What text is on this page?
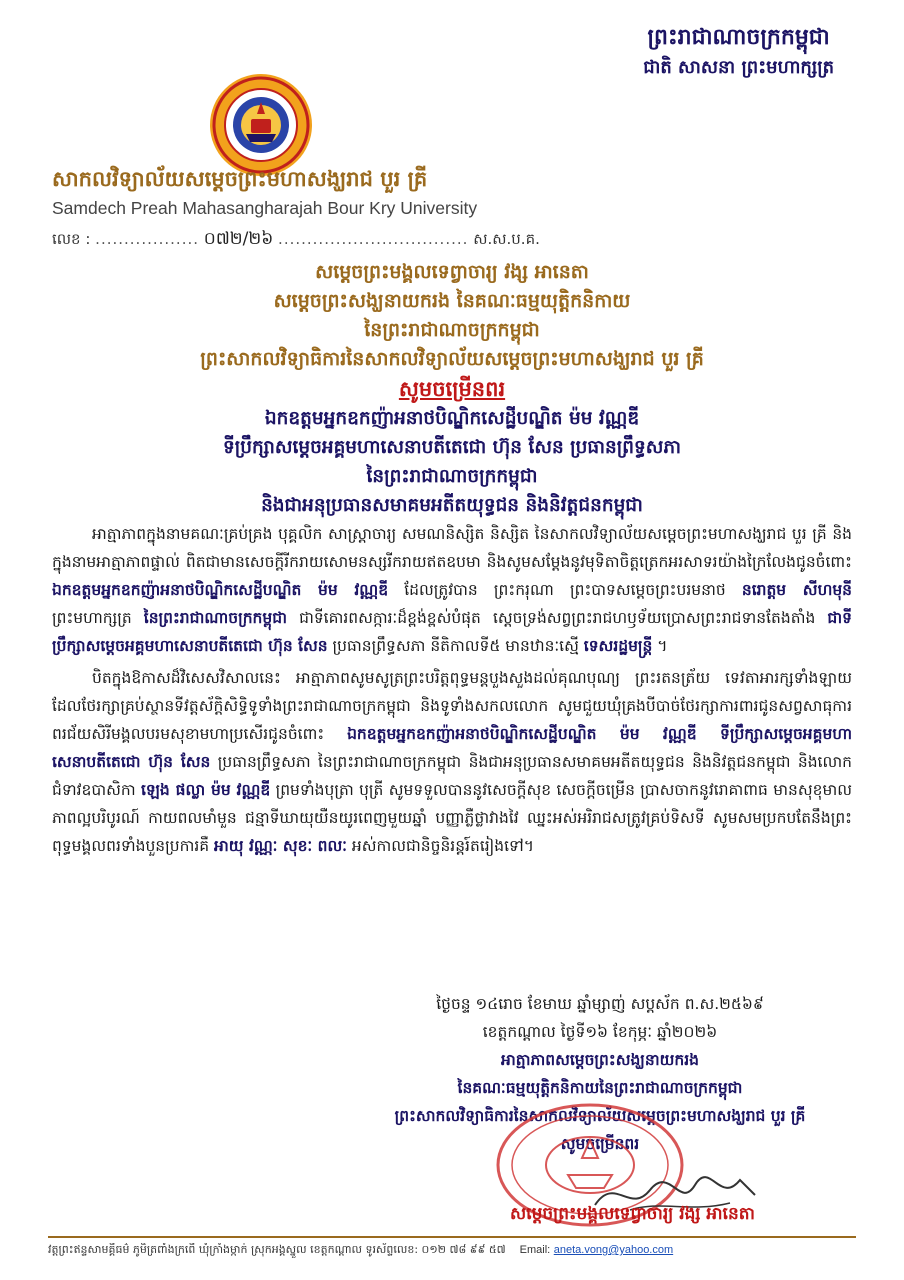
ព្រះរាជាណាចក្រកម្ពុជា
ជាតិ សាសនា ព្រះមហាក្សត្រ
សាកលវិទ្យាល័យសម្ដេចព្រះមហាសង្ឃរាជ បួរ គ្រី
Samdech Preah Mahasangharajah Bour Kry University
លេខ : .................. ០៧២/២៦ ................................. ស.ស.ប.គ.
សម្តេចព្រះមង្គលទេព្វាចារ្យ វង្ស អានេតា
សម្តេចព្រះសង្ឃនាយករង នៃគណៈធម្មយុត្តិកនិកាយ
នៃព្រះរាជាណាចក្រកម្ពុជា
ព្រះសាកលវិទ្យាធិការនៃសាកលវិទ្យាល័យសម្តេចព្រះមហាសង្ឃរាជ បួរ គ្រី
សូមចម្រើនពរ
ឯកឧត្តមអ្នកឧកញ៉ាអនាថបិណ្ឌិកសេដ្ឋីបណ្ឌិត ម៉ម វណ្ណឌី
ទីប្រឹក្សាសម្តេចអគ្គមហាសេនាបតីតេជោ ហ៊ុន សែន ប្រធានព្រឹទ្ធសភា
នៃព្រះរាជាណាចក្រកម្ពុជា
និងជាអនុប្រធានសមាគមអតីតយុទ្ធជន និងនិវត្តជនកម្ពុជា

អាត្មាភាពក្នុងនាមគណៈគ្រប់គ្រង បុគ្គលិក សាស្ត្រាចារ្យ សមណនិស្សិត និស្សិត នៃសាកលវិទ្យាល័យសម្តេចព្រះមហាសង្ឃរាជ បួរ គ្រី និងក្នុងនាមអាត្មាភាពផ្ទាល់ ពិតជាមានសេចក្តីរីករាយសោមនស្សរីករាយឥតឧបមា និងសូមសម្តែងនូវមុទិតាចិត្តត្រេកអរសាទរយ៉ាងក្រៃលែងជូនចំពោះ ឯកឧត្តមអ្នកឧកញ៉ាអនាថបិណ្ឌិកសេដ្ឋីបណ្ឌិត ម៉ម វណ្ណឌី ដែលត្រូវបាន ព្រះករុណា ព្រះបាទសម្តេចព្រះបរមនាថ នរោត្តម សីហមុនី ព្រះមហាក្សត្រ នៃព្រះរាជាណាចក្រកម្ពុជា ជាទីគោរពសក្ការៈដ៏ខ្ពង់ខ្ពស់បំផុត ស្តេចទ្រង់សព្វព្រះរាជហឫទ័យប្រោសព្រះរាជទានតែងតាំង ជាទីប្រឹក្សាសម្តេចអគ្គមហាសេនាបតីតេជោ ហ៊ុន សែន ប្រធានព្រឹទ្ធសភា នីតិកាលទី៥ មានឋានៈស្មើ ទេសរដ្ឋមន្ត្រី ។

បិតក្នុងឱកាសដ៏វិសេសវិសាលនេះ អាត្មាភាពសូមសូត្រព្រះបរិត្តពុទ្ធមន្តបួងសួងដល់គុណបុណ្យ ព្រះរតនត្រ័យ ទេវតាអារក្សទាំងឡាយ ដែលថែរក្សាគ្រប់ស្ថានទីវត្តស័ក្តិសិទ្ធិទូទាំងព្រះរាជាណាចក្រកម្ពុជា និងទូទាំងសកលលោក សូមជួយឃុំគ្រងបីបាច់ថែរក្សាការពារជូនសព្វសាធុការពរជ័យសិរីមង្គលបរមសុខាមហាប្រសើរជូនចំពោះ ឯកឧត្តមអ្នកឧកញ៉ាអនាថបិណ្ឌិកសេដ្ឋីបណ្ឌិត ម៉ម វណ្ណឌី ទីប្រឹក្សាសម្តេចអគ្គមហាសេនាបតីតេជោ ហ៊ុន សែន ប្រធានព្រឹទ្ធសភា នៃព្រះរាជាណាចក្រកម្ពុជា និងជាអនុប្រធានសមាគមអតីតយុទ្ធជន និងនិវត្តជនកម្ពុជា និងលោកជំទាវឧបាសិកា ឡេង ផល្លា ម៉ម វណ្ណឌី ព្រមទាំងបុត្រា បុត្រី សូមទទួលបាននូវសេចក្តីសុខ សេចក្តីចម្រើន ប្រាសចាកនូវរោគាពាធ មានសុខុមាលភាពល្អបរិបូរណ៍ កាយពលមាំមួន ជន្មាទីឃាយុយឺនយូរពេញមួយឆ្នាំ បញ្ញាភ្លឺថ្លាវាងវៃ ឈ្នះអស់អរិរាជសត្រូវគ្រប់ទិសទី សូមសមប្រកបតែនឹងព្រះពុទ្ធមង្គលពរទាំងបួនប្រការគឺ អាយុ វណ្ណៈ សុខៈ ពលៈ អស់កាលជានិច្ចនិរន្តរ៍តរៀងទៅ។

ថ្ងៃចន្ទ ១៤រោច ខែមាឃ ឆ្នាំម្សាញ់ សប្តស័ក ព.ស.២៥៦៩
ខេត្តកណ្តាល ថ្ងៃទី១៦ ខែកុម្ភៈ ឆ្នាំ២០២៦
អាត្មាភាពសម្តេចព្រះសង្ឃនាយករង
នៃគណៈធម្មយុត្តិកនិកាយនៃព្រះរាជាណាចក្រកម្ពុជា
ព្រះសាកលវិទ្យាធិការនៃសាកលវិទ្យាល័យសម្តេចព្រះមហាសង្ឃរាជ បួរ គ្រី
សូមចម្រើនពរ
សម្តេចព្រះមង្គលទេព្វាចារ្យ វង្ស អានេតា
វត្តព្រះឥន្ទសាមគ្គីធម៌ ភូមិត្រពាំងក្រពើ ឃុំក្រាំងម្កាក់ ស្រុកអង្គស្នួល ខេត្តកណ្តាល ទូរស័ព្ទលេខ: ០១២ ៧៨ ៩៩ ៥៧ Email: aneta.vong@yahoo.com
